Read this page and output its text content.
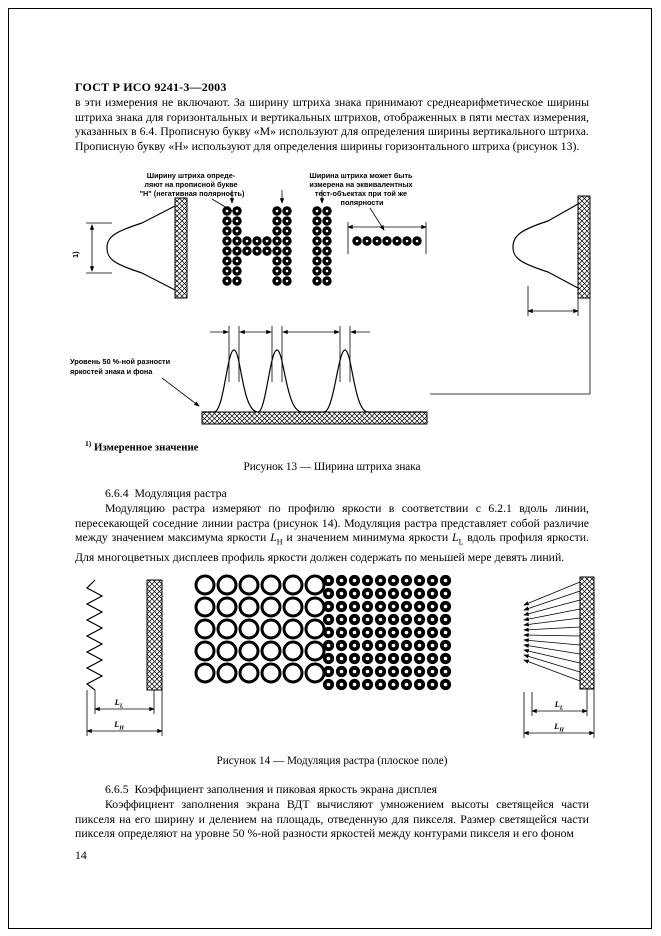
ГОСТ Р ИСО 9241-3—2003
в эти измерения не включают. За ширину штриха знака принимают среднеарифметическое ширины штриха знака для горизонтальных и вертикальных штрихов, отображенных в пяти местах измерения, указанных в 6.4. Прописную букву «М» используют для определения ширины вертикального штриха. Прописную букву «Н» используют для определения ширины горизонтального штриха (рисунок 13).
Ширину штриха опреде- ляют на прописной букве "Н" (негативная полярность)
Ширина штриха может быть измерена на эквивалентных тест-объектах при той же полярности
1)
Уровень 50 %-ной разности яркостей знака и фона
$^{1)}$ Измеренное значение
Рисунок 13 — Ширина штриха знака
6.6.4 Модуляция растра
Модуляцию растра измеряют по профилю яркости в соответствии с 6.2.1 вдоль линии, пересекающей соседние линии растра (рисунок 14). Модуляция растра представляет собой различие между значением максимума яркости $L_H$ и значением минимума яркости $L_L$ вдоль профиля яркости. Для многоцветных дисплеев профиль яркости должен содержать по меньшей мере девять линий.
$L_L$
$L_H$
$L_L$
$L_H$
Рисунок 14 — Модуляция растра (плоское поле)
6.6.5 Коэффициент заполнения и пиковая яркость экрана дисплея
Коэффициент заполнения экрана ВДТ вычисляют умножением высоты светящейся части пикселя на его ширину и делением на площадь, отведенную для пикселя. Размер светящейся части пикселя определяют на уровне 50 %-ной разности яркостей между контурами пикселя и его фоном
14
